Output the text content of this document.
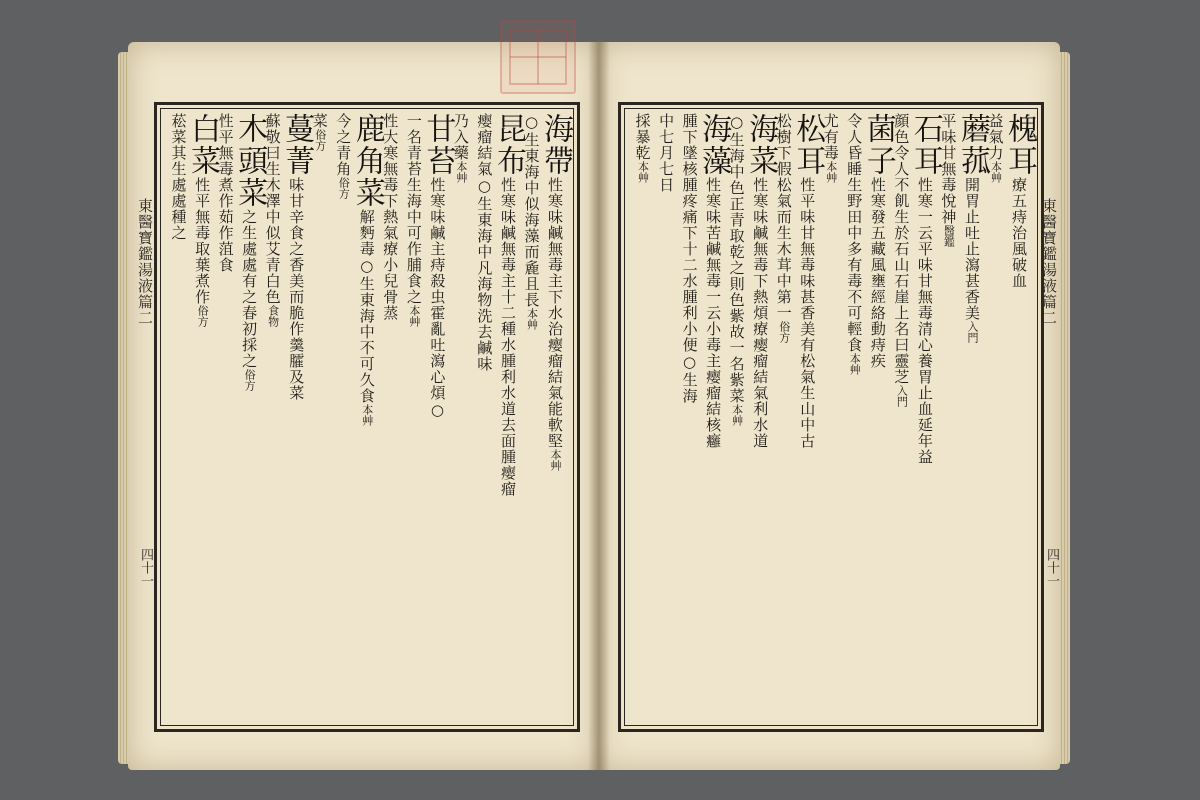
東醫寶鑑湯液篇二
四十一
東醫寶鑑湯液篇二
四十一
海帶性寒味鹹無毒主下水治瘿瘤結氣能軟堅本艸
○生東海中似海藻而麁且長本艸
昆布性寒味鹹無毒主十二種水腫利水道去面腫瘿瘤
瘿瘤結氣○生東海中凡海物洗去鹹味
乃入藥本艸
甘苔性寒味鹹主痔殺虫霍亂吐瀉心煩○
一名青苔生海中可作脯食之本艸
性大寒無毒下熱氣療小兒骨蒸
鹿角菜解麪毒○生東海中不可久食本艸
今之青角俗方
菜俗方
蔓菁味甘辛食之香美而脆作羹臛及菜
蘇敬曰生木澤中似艾青白色食物
木頭菜之生處處有之春初採之俗方
性平無毒煮作茹作菹食
白菜性平無毒取葉煮作俗方
菘菜其生處處種之	槐耳療五痔治風破血
益氣力本艸
蘑菰開胃止吐止瀉甚香美入門
平味甘無毒悅神醫鑑
石耳性寒一云平味甘無毒清心養胃止血延年益
顔色令人不飢生於石山石崖上名曰靈芝入門
菌子性寒發五藏風壅經絡動痔疾
令人昏睡生野田中多有毒不可輕食本艸
尤有毒本艸
松耳性平味甘無毒味甚香美有松氣生山中古
松樹下假松氣而生木茸中第一俗方
海菜性寒味鹹無毒下熱煩療瘿瘤結氣利水道
○生海中色正青取乾之則色紫故一名紫菜本艸
海藻性寒味苦鹹無毒一云小毒主瘿瘤結核癰
腫下墜核腫疼痛下十二水腫利小便○生海
中七月七日
採暴乾本艸
